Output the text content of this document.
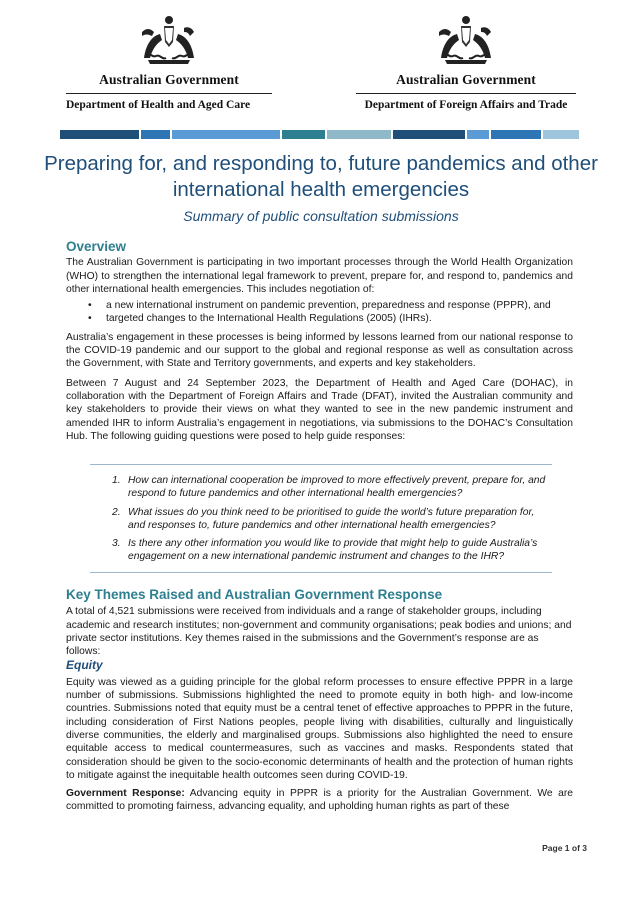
Australian Government
Department of Health and Aged Care
Australian Government
Department of Foreign Affairs and Trade
Preparing for, and responding to, future pandemics and other international health emergencies
Summary of public consultation submissions
Overview

The Australian Government is participating in two important processes through the World Health Organization (WHO) to strengthen the international legal framework to prevent, prepare for, and respond to, pandemics and other international health emergencies. This includes negotiation of:

• a new international instrument on pandemic prevention, preparedness and response (PPPR), and
• targeted changes to the International Health Regulations (2005) (IHRs).

Australia’s engagement in these processes is being informed by lessons learned from our national response to the COVID-19 pandemic and our support to the global and regional response as well as consultation across the Government, with State and Territory governments, and experts and key stakeholders.

Between 7 August and 24 September 2023, the Department of Health and Aged Care (DOHAC), in collaboration with the Department of Foreign Affairs and Trade (DFAT), invited the Australian community and key stakeholders to provide their views on what they wanted to see in the new pandemic instrument and amended IHR to inform Australia’s engagement in negotiations, via submissions to the DOHAC’s Consultation Hub. The following guiding questions were posed to help guide responses:

1. How can international cooperation be improved to more effectively prevent, prepare for, and respond to future pandemics and other international health emergencies?
2. What issues do you think need to be prioritised to guide the world’s future preparation for, and responses to, future pandemics and other international health emergencies?
3. Is there any other information you would like to provide that might help to guide Australia’s engagement on a new international pandemic instrument and changes to the IHR?
Key Themes Raised and Australian Government Response

A total of 4,521 submissions were received from individuals and a range of stakeholder groups, including academic and research institutes; non-government and community organisations; peak bodies and unions; and private sector institutions. Key themes raised in the submissions and the Government’s response are as follows:

Equity

Equity was viewed as a guiding principle for the global reform processes to ensure effective PPPR in a large number of submissions. Submissions highlighted the need to promote equity in both high- and low-income countries. Submissions noted that equity must be a central tenet of effective approaches to PPPR in the future, including consideration of First Nations peoples, people living with disabilities, culturally and linguistically diverse communities, the elderly and marginalised groups. Submissions also highlighted the need to ensure equitable access to medical countermeasures, such as vaccines and masks. Respondents stated that consideration should be given to the socio-economic determinants of health and the protection of human rights to mitigate against the inequitable health outcomes seen during COVID-19.

Government Response: Advancing equity in PPPR is a priority for the Australian Government. We are committed to promoting fairness, advancing equality, and upholding human rights as part of these

Page 1 of 3
